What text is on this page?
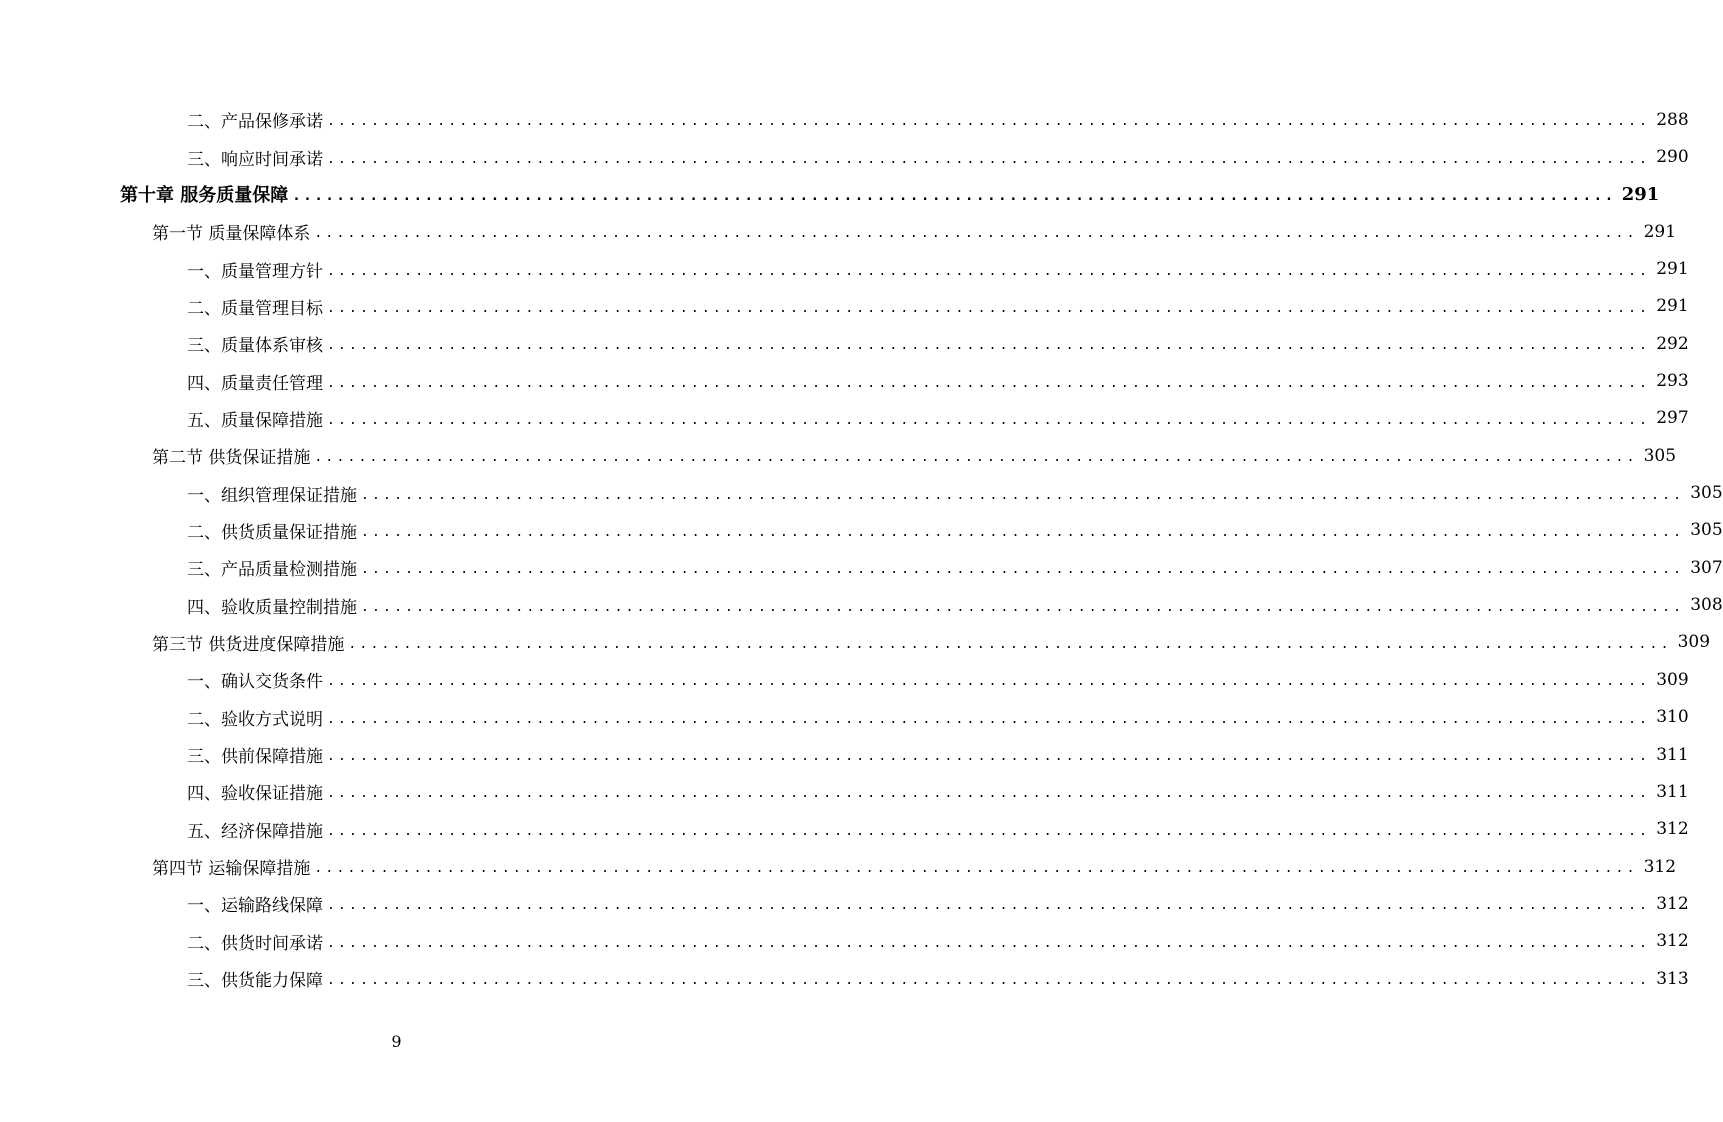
二、产品保修承诺 ........................................................................................................................ 288
三、响应时间承诺 ........................................................................................................................ 290
第十章 服务质量保障 ........................................................................................................................ 291
第一节 质量保障体系 ........................................................................................................................ 291
一、质量管理方针 ........................................................................................................................ 291
二、质量管理目标 ........................................................................................................................ 291
三、质量体系审核 ........................................................................................................................ 292
四、质量责任管理 ........................................................................................................................ 293
五、质量保障措施 ........................................................................................................................ 297
第二节 供货保证措施 ........................................................................................................................ 305
一、组织管理保证措施 ........................................................................................................................ 305
二、供货质量保证措施 ........................................................................................................................ 305
三、产品质量检测措施 ........................................................................................................................ 307
四、验收质量控制措施 ........................................................................................................................ 308
第三节 供货进度保障措施 ........................................................................................................................ 309
一、确认交货条件 ........................................................................................................................ 309
二、验收方式说明 ........................................................................................................................ 310
三、供前保障措施 ........................................................................................................................ 311
四、验收保证措施 ........................................................................................................................ 311
五、经济保障措施 ........................................................................................................................ 312
第四节 运输保障措施 ........................................................................................................................ 312
一、运输路线保障 ........................................................................................................................ 312
二、供货时间承诺 ........................................................................................................................ 312
三、供货能力保障 ........................................................................................................................ 313
9
